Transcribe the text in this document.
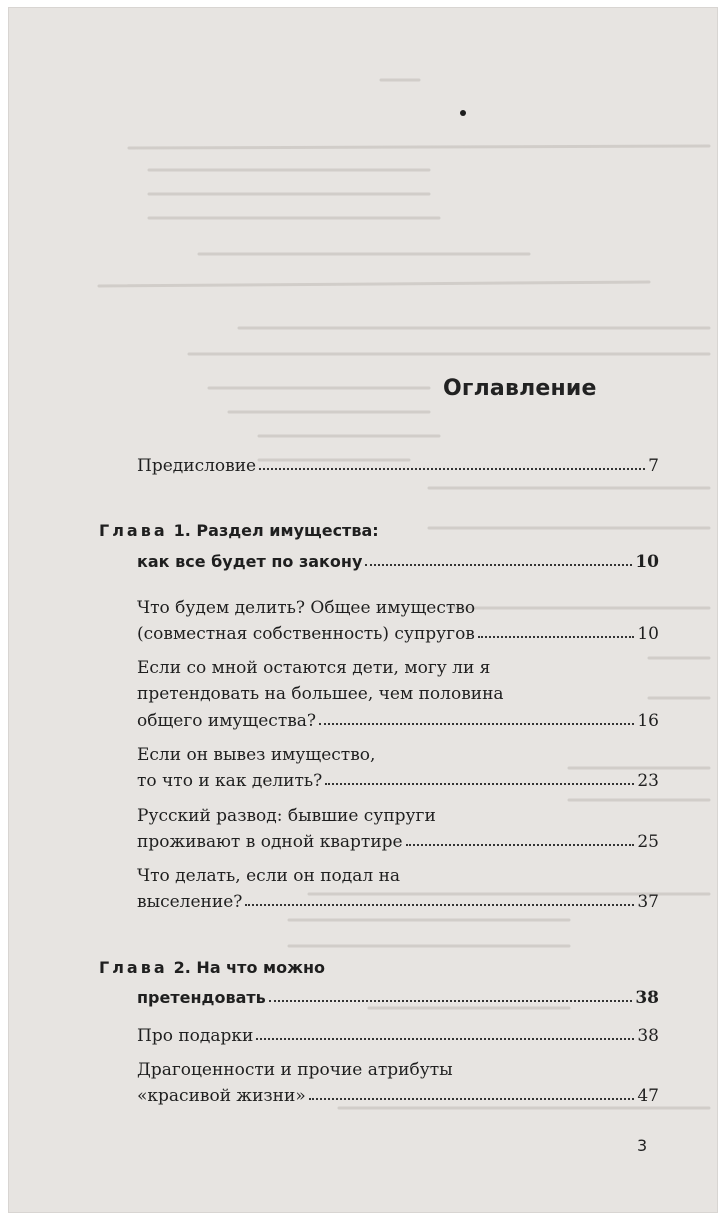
Оглавление
Предисловие	7
Глава 1. Раздел имущества:
как все будет по закону	10
Что будем делить? Общее имущество
(совместная собственность) супругов	10
Если со мной остаются дети, могу ли я
претендовать на большее, чем половина
общего имущества?	16
Если он вывез имущество,
то что и как делить?	23
Русский развод: бывшие супруги
проживают в одной квартире	25
Что делать, если он подал на
выселение?	37
Глава 2. На что можно
претендовать	38
Про подарки	38
Драгоценности и прочие атрибуты
«красивой жизни»	47
3
